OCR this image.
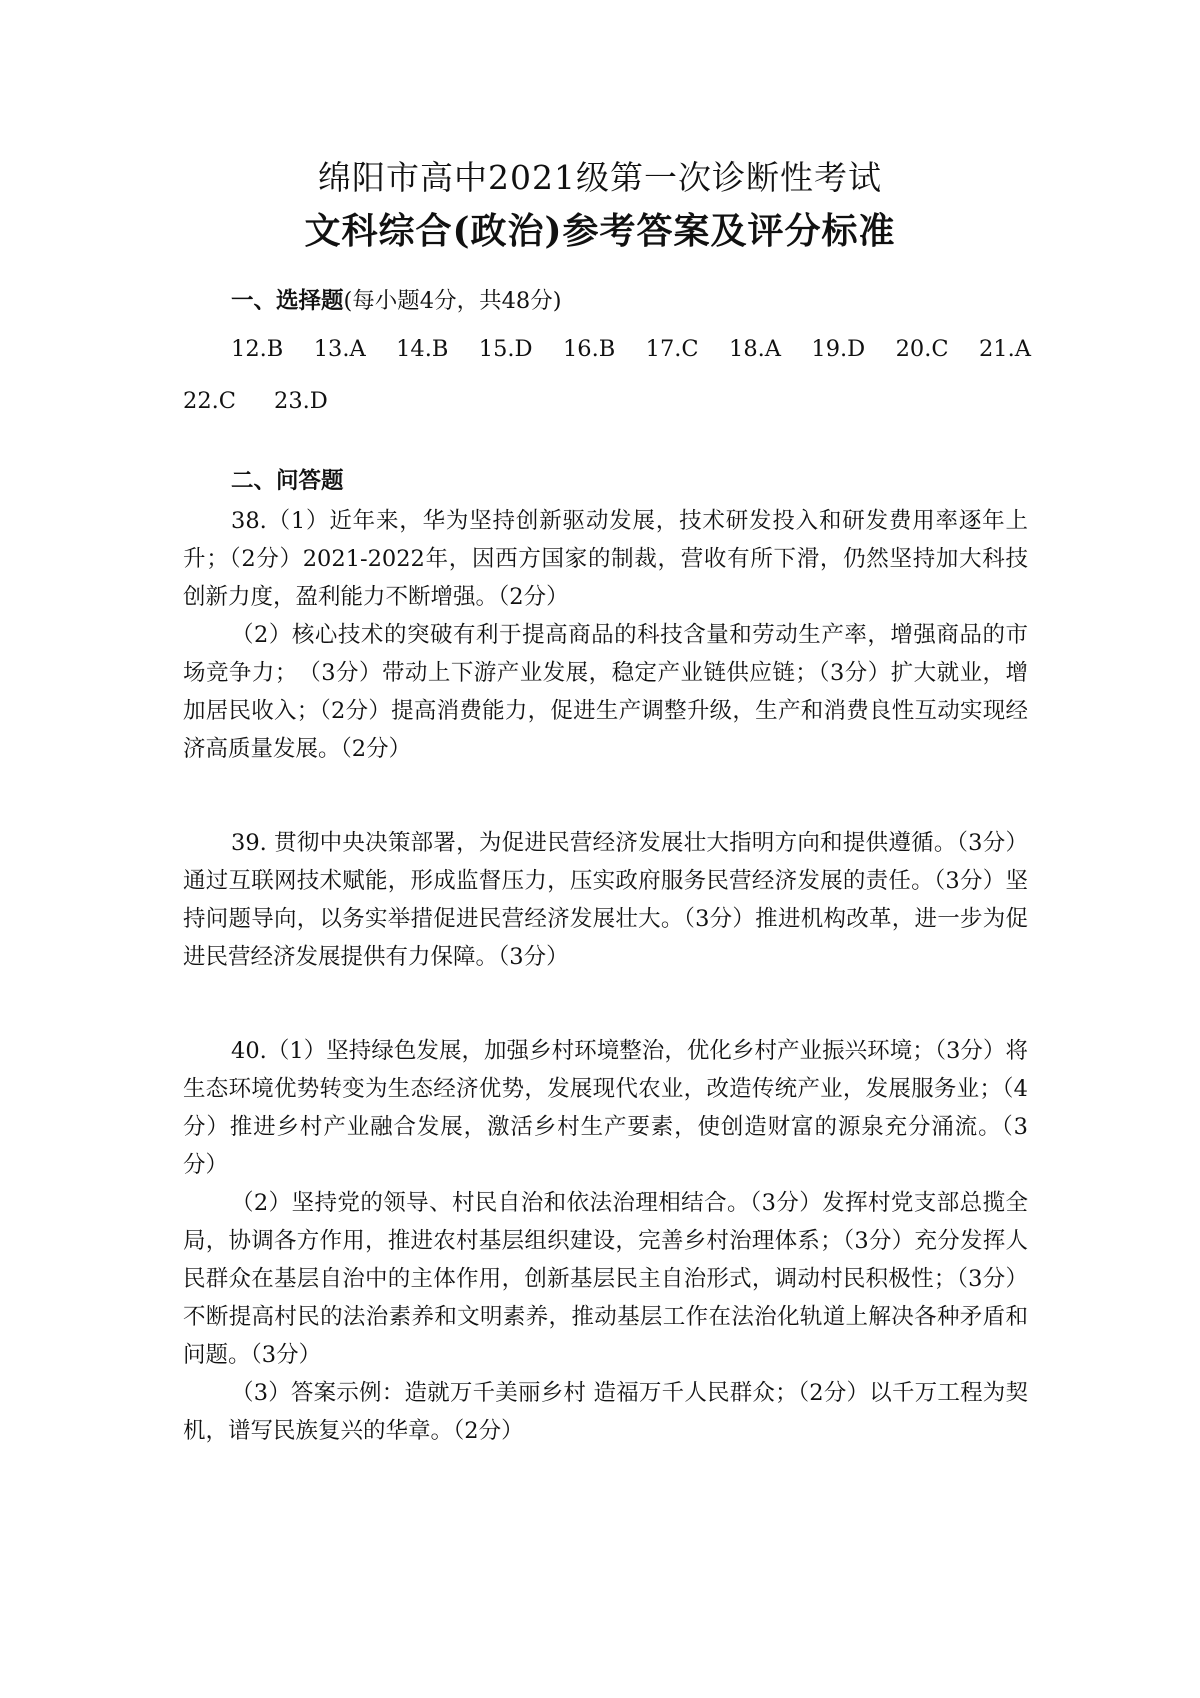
绵阳市高中2021级第一次诊断性考试
文科综合(政治)参考答案及评分标准
一、选择题(每小题4分，共48分)
12.B 13.A 14.B 15.D 16.B 17.C 18.A 19.D 20.C 21.A
22.C 23.D
二、问答题

38.（1）近年来，华为坚持创新驱动发展，技术研发投入和研发费用率逐年上升；（2分）2021-2022年，因西方国家的制裁，营收有所下滑，仍然坚持加大科技创新力度，盈利能力不断增强。（2分）

（2）核心技术的突破有利于提高商品的科技含量和劳动生产率，增强商品的市场竞争力；　（3分）带动上下游产业发展，稳定产业链供应链；（3分）扩大就业，增加居民收入；（2分）提高消费能力，促进生产调整升级，生产和消费良性互动实现经济高质量发展。（2分）

39. 贯彻中央决策部署，为促进民营经济发展壮大指明方向和提供遵循。（3分）通过互联网技术赋能，形成监督压力，压实政府服务民营经济发展的责任。（3分）坚持问题导向，以务实举措促进民营经济发展壮大。（3分）推进机构改革，进一步为促进民营经济发展提供有力保障。（3分）

40.（1）坚持绿色发展，加强乡村环境整治，优化乡村产业振兴环境；（3分）将生态环境优势转变为生态经济优势，发展现代农业，改造传统产业，发展服务业；（4分）推进乡村产业融合发展，激活乡村生产要素，使创造财富的源泉充分涌流。（3分）

（2）坚持党的领导、村民自治和依法治理相结合。（3分）发挥村党支部总揽全局，协调各方作用，推进农村基层组织建设，完善乡村治理体系；（3分）充分发挥人民群众在基层自治中的主体作用，创新基层民主自治形式，调动村民积极性；（3分）不断提高村民的法治素养和文明素养，推动基层工作在法治化轨道上解决各种矛盾和问题。（3分）

（3）答案示例：造就万千美丽乡村 造福万千人民群众；（2分）以千万工程为契机，谱写民族复兴的华章。（2分）
